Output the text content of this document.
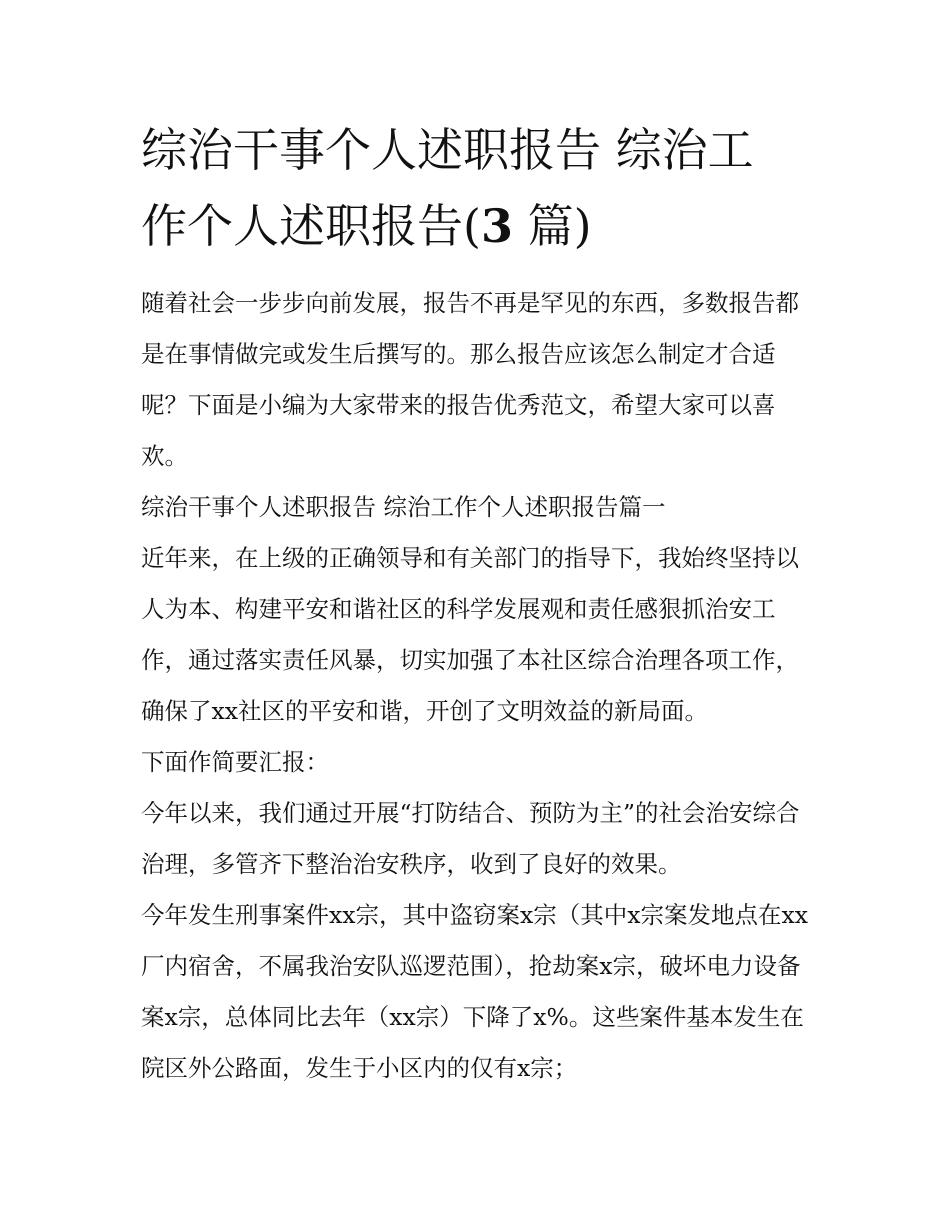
综治干事个人述职报告 综治工
作个人述职报告(3 篇)

随着社会一步步向前发展，报告不再是罕见的东西，多数报告都是在事情做完或发生后撰写的。那么报告应该怎么制定才合适呢？下面是小编为大家带来的报告优秀范文，希望大家可以喜欢。

综治干事个人述职报告 综治工作个人述职报告篇一

近年来，在上级的正确领导和有关部门的指导下，我始终坚持以人为本、构建平安和谐社区的科学发展观和责任感狠抓治安工作，通过落实责任风暴，切实加强了本社区综合治理各项工作，确保了xx社区的平安和谐，开创了文明效益的新局面。

下面作简要汇报：

今年以来，我们通过开展“打防结合、预防为主”的社会治安综合治理，多管齐下整治治安秩序，收到了良好的效果。

今年发生刑事案件xx宗，其中盗窃案x宗（其中x宗案发地点在xx厂内宿舍，不属我治安队巡逻范围），抢劫案x宗，破坏电力设备案x宗，总体同比去年（xx宗）下降了x%。这些案件基本发生在院区外公路面，发生于小区内的仅有x宗；
